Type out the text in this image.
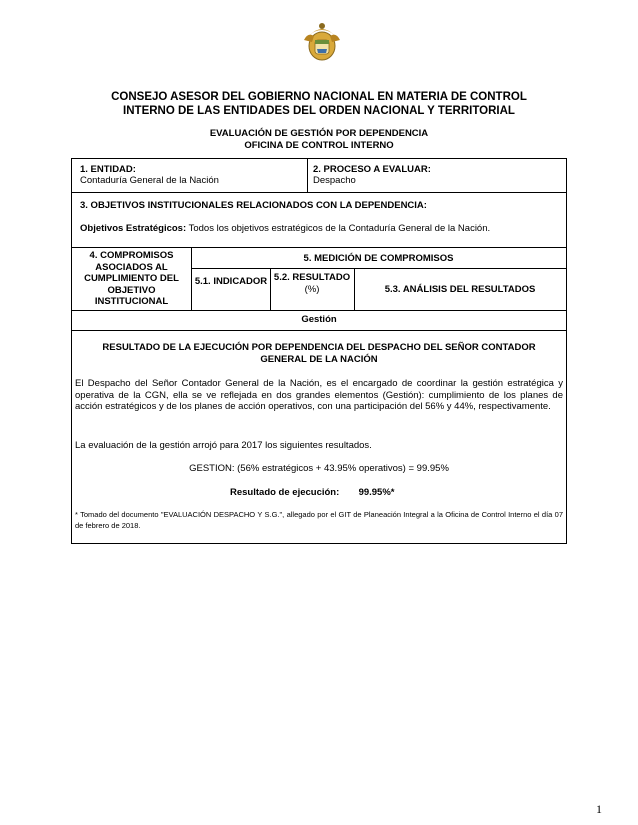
CONSEJO ASESOR DEL GOBIERNO NACIONAL EN MATERIA DE CONTROL
INTERNO DE LAS ENTIDADES DEL ORDEN NACIONAL Y TERRITORIAL
EVALUACIÓN DE GESTIÓN POR DEPENDENCIA
OFICINA DE CONTROL INTERNO
1. ENTIDAD:
Contaduría General de la Nación
2. PROCESO A EVALUAR:
Despacho
3. OBJETIVOS INSTITUCIONALES RELACIONADOS CON LA DEPENDENCIA:
Objetivos Estratégicos: Todos los objetivos estratégicos de la Contaduría General de la Nación.
4. COMPROMISOS ASOCIADOS AL CUMPLIMIENTO DEL OBJETIVO INSTITUCIONAL
5. MEDICIÓN DE COMPROMISOS
5.1. INDICADOR 5.2. RESULTADO
(%)	5.3. ANÁLISIS DEL RESULTADOS
Gestión
RESULTADO DE LA EJECUCIÓN POR DEPENDENCIA DEL DESPACHO DEL SEÑOR CONTADOR GENERAL DE LA NACIÓN
El Despacho del Señor Contador General de la Nación, es el encargado de coordinar la gestión estratégica y operativa de la CGN, ella se ve reflejada en dos grandes elementos (Gestión): cumplimiento de los planes de acción estratégicos y de los planes de acción operativos, con una participación del 56% y 44%, respectivamente.
La evaluación de la gestión arrojó para 2017 los siguientes resultados.
GESTION: (56% estratégicos + 43.95% operativos) = 99.95%
Resultado de ejecución: 99.95%*
* Tomado del documento "EVALUACIÓN DESPACHO Y S.G.", allegado por el GIT de Planeación Integral a la Oficina de Control Interno el día 07 de febrero de 2018.
1
